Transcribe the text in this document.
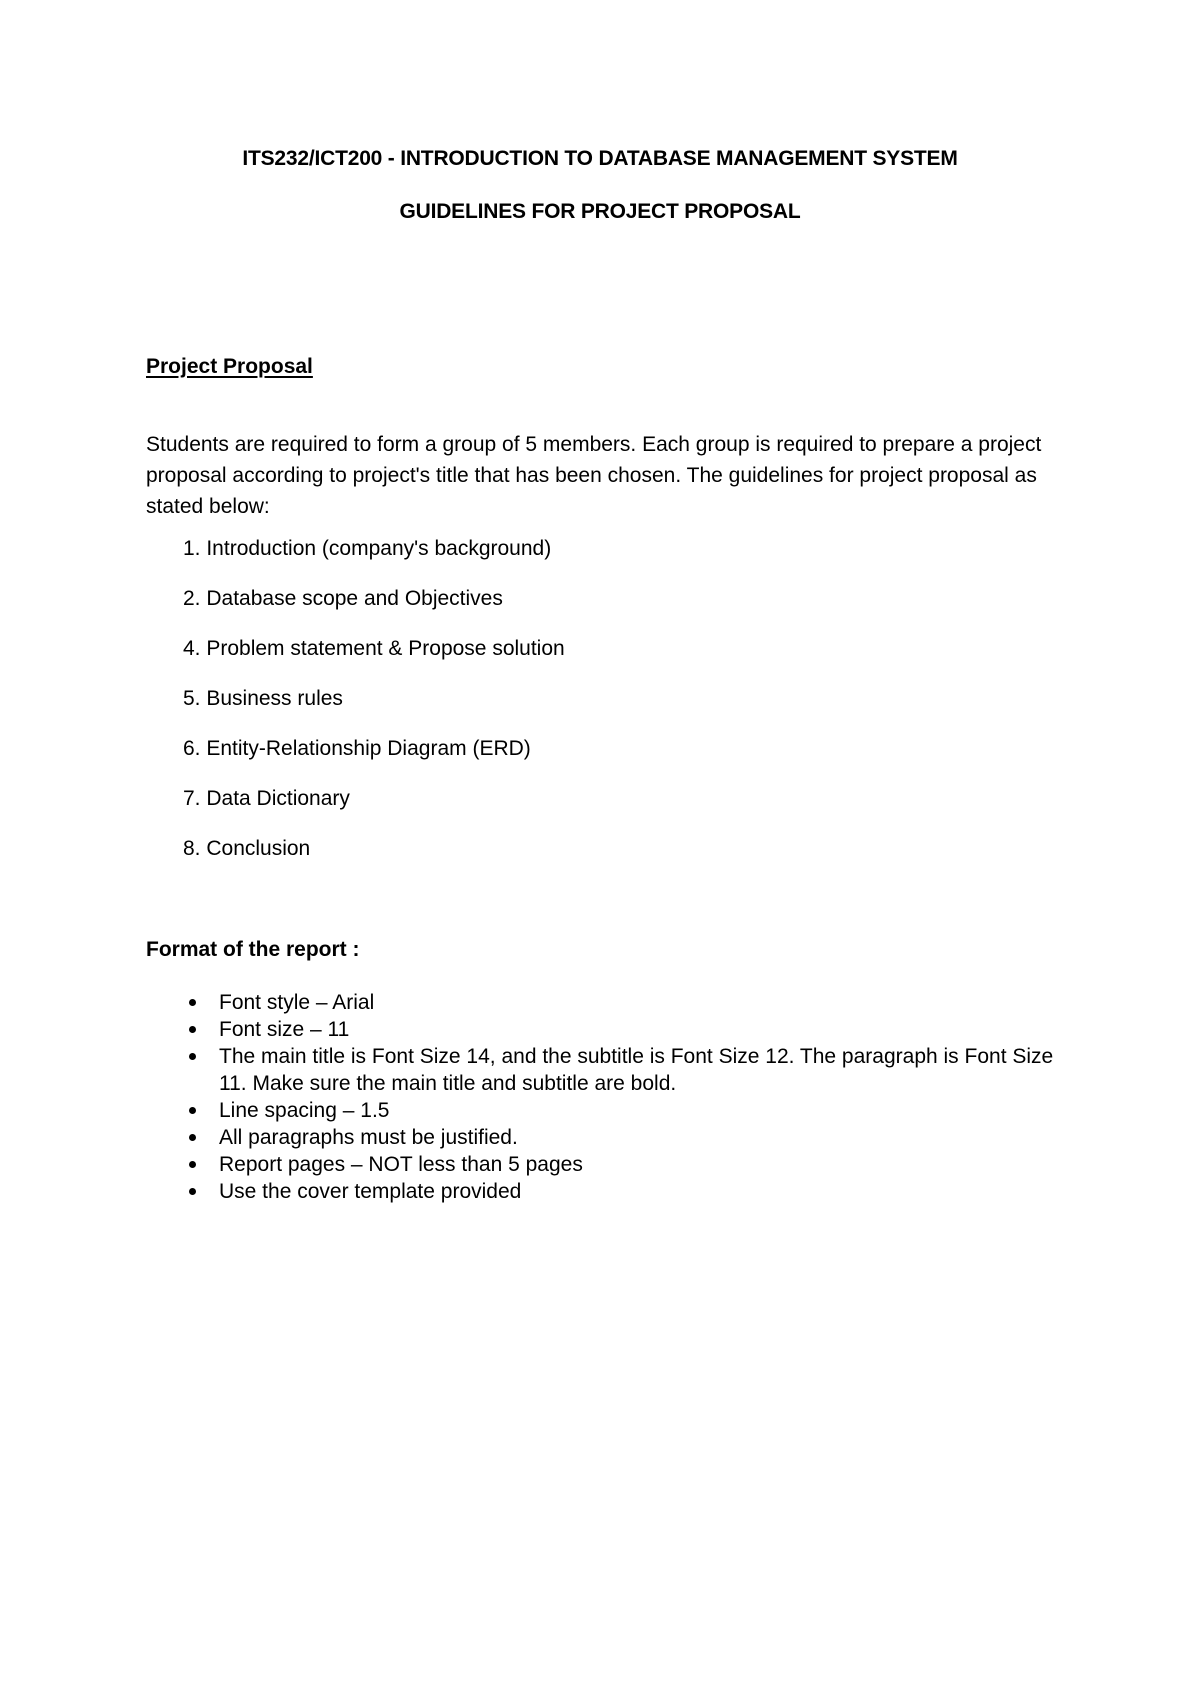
ITS232/ICT200 - INTRODUCTION TO DATABASE MANAGEMENT SYSTEM
GUIDELINES FOR PROJECT PROPOSAL
Project Proposal
Students are required to form a group of 5 members. Each group is required to prepare a project proposal according to project's title that has been chosen. The guidelines for project proposal as stated below:
1. Introduction (company's background)
2. Database scope and Objectives
4. Problem statement & Propose solution
5. Business rules
6. Entity-Relationship Diagram (ERD)
7. Data Dictionary
8. Conclusion
Format of the report :
Font style – Arial
Font size – 11
The main title is Font Size 14, and the subtitle is Font Size 12. The paragraph is Font Size 11. Make sure the main title and subtitle are bold.
Line spacing – 1.5
All paragraphs must be justified.
Report pages – NOT less than 5 pages
Use the cover template provided
